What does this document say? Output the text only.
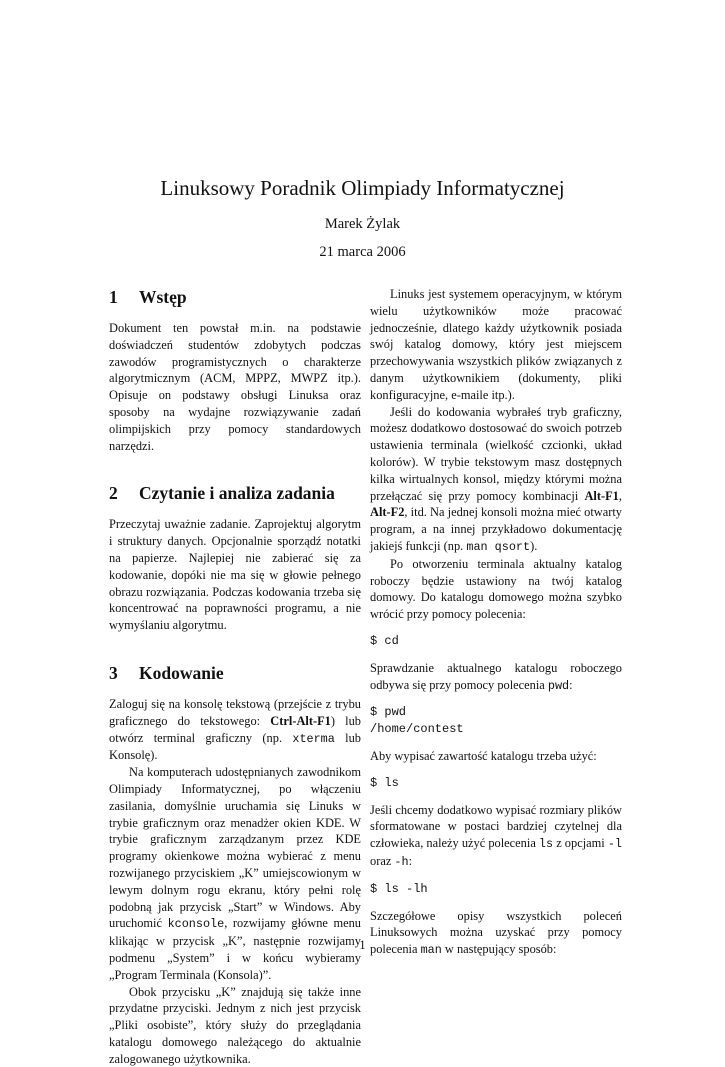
Linuksowy Poradnik Olimpiady Informatycznej
Marek Żylak
21 marca 2006
1 Wstęp

Dokument ten powstał m.in. na podstawie doświadczeń studentów zdobytych podczas zawodów programistycznych o charakterze algorytmicznym (ACM, MPPZ, MWPZ itp.). Opisuje on podstawy obsługi Linuksa oraz sposoby na wydajne rozwiązywanie zadań olimpijskich przy pomocy standardowych narzędzi.

2 Czytanie i analiza zadania

Przeczytaj uważnie zadanie. Zaprojektuj algorytm i struktury danych. Opcjonalnie sporządź notatki na papierze. Najlepiej nie zabierać się za kodowanie, dopóki nie ma się w głowie pełnego obrazu rozwiązania. Podczas kodowania trzeba się koncentrować na poprawności programu, a nie wymyślaniu algorytmu.

3 Kodowanie

Zaloguj się na konsolę tekstową (przejście z trybu graficznego do tekstowego: Ctrl-Alt-F1) lub otwórz terminal graficzny (np. xterma lub Konsolę).

Na komputerach udostępnianych zawodnikom Olimpiady Informatycznej, po włączeniu zasilania, domyślnie uruchamia się Linuks w trybie graficznym oraz menadżer okien KDE. W trybie graficznym zarządzanym przez KDE programy okienkowe można wybierać z menu rozwijanego przyciskiem „K” umiejscowionym w lewym dolnym rogu ekranu, który pełni rolę podobną jak przycisk „Start” w Windows. Aby uruchomić kconsole, rozwijamy główne menu klikając w przycisk „K”, następnie rozwijamy podmenu „System” i w końcu wybieramy „Program Terminala (Konsola)”.

Obok przycisku „K” znajdują się także inne przydatne przyciski. Jednym z nich jest przycisk „Pliki osobiste”, który służy do przeglądania katalogu domowego należącego do aktualnie zalogowanego użytkownika.

Linuks jest systemem operacyjnym, w którym wielu użytkowników może pracować jednocześnie, dlatego każdy użytkownik posiada swój katalog domowy, który jest miejscem przechowywania wszystkich plików związanych z danym użytkownikiem (dokumenty, pliki konfiguracyjne, e-maile itp.).

Jeśli do kodowania wybrałeś tryb graficzny, możesz dodatkowo dostosować do swoich potrzeb ustawienia terminala (wielkość czcionki, układ kolorów). W trybie tekstowym masz dostępnych kilka wirtualnych konsol, między którymi można przełączać się przy pomocy kombinacji Alt-F1, Alt-F2, itd. Na jednej konsoli można mieć otwarty program, a na innej przykładowo dokumentację jakiejś funkcji (np. man qsort).

Po otworzeniu terminala aktualny katalog roboczy będzie ustawiony na twój katalog domowy. Do katalogu domowego można szybko wrócić przy pomocy polecenia:

$ cd

Sprawdzanie aktualnego katalogu roboczego odbywa się przy pomocy polecenia pwd:

$ pwd
/home/contest

Aby wypisać zawartość katalogu trzeba użyć:

$ ls

Jeśli chcemy dodatkowo wypisać rozmiary plików sformatowane w postaci bardziej czytelnej dla człowieka, należy użyć polecenia ls z opcjami -l oraz -h:

$ ls -lh

Szczegółowe opisy wszystkich poleceń Linuksowych można uzyskać przy pomocy polecenia man w następujący sposób:

1
